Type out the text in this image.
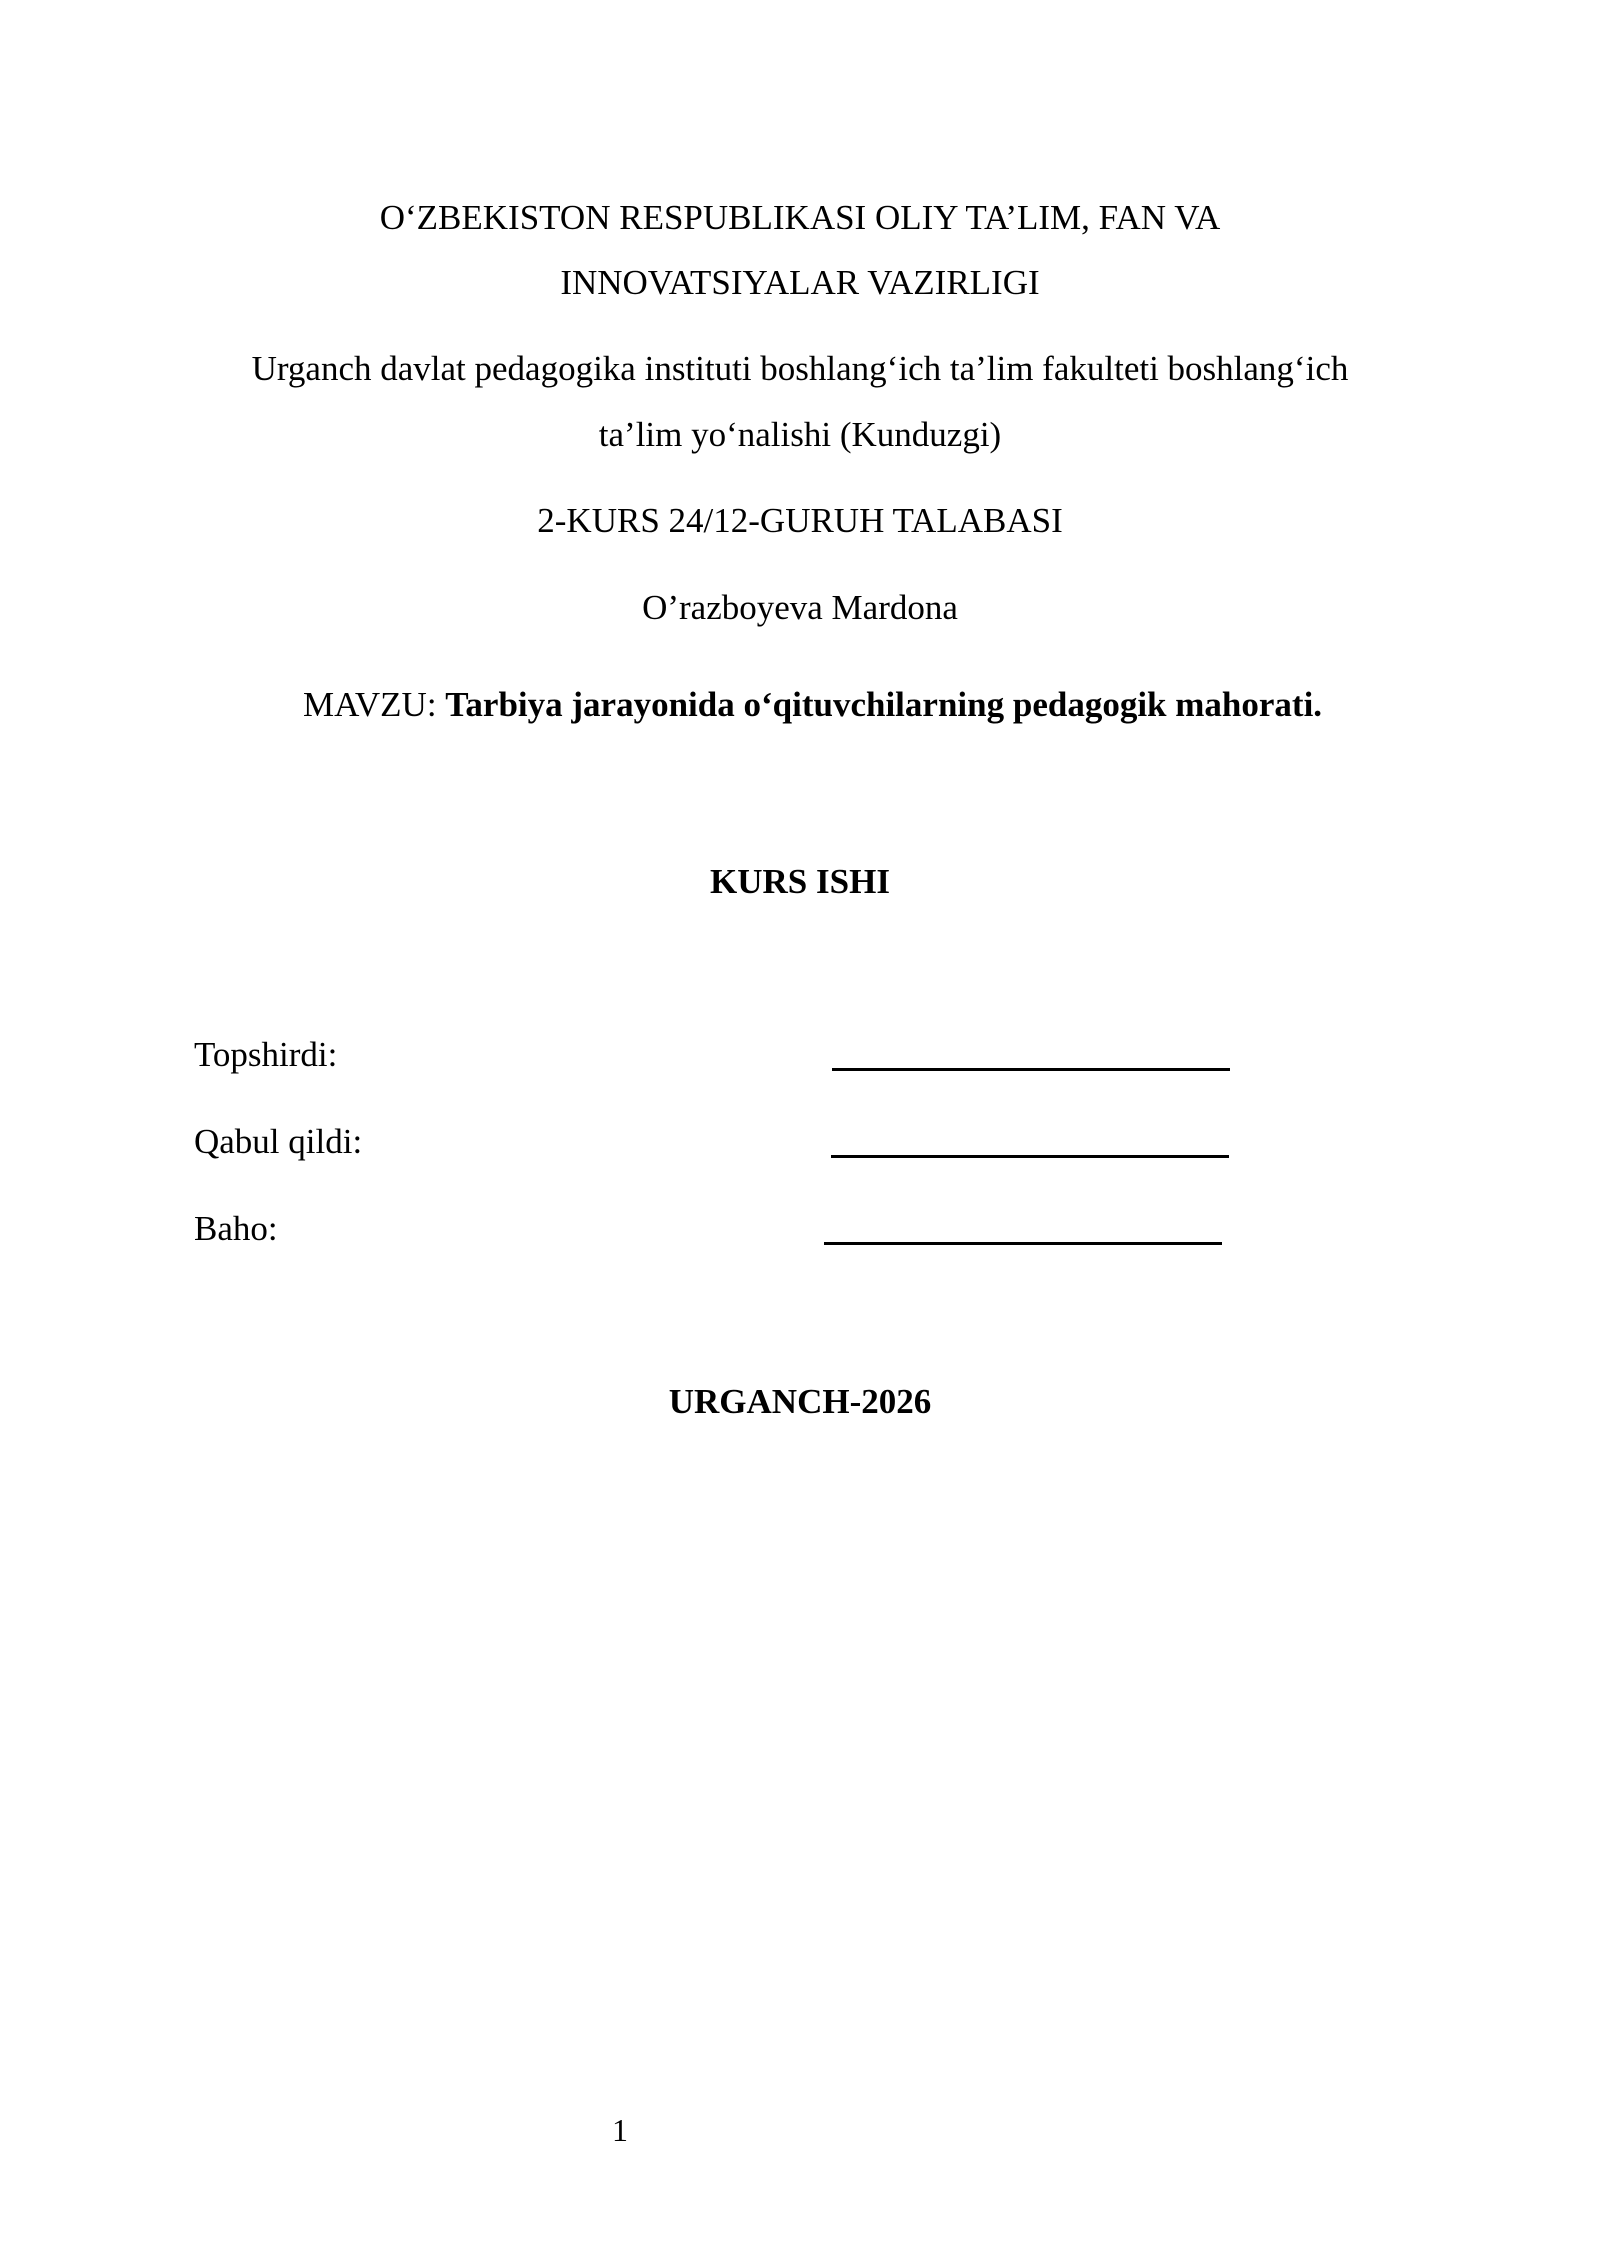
O‘ZBEKISTON RESPUBLIKASI OLIY TA’LIM, FAN VA
INNOVATSIYALAR VAZIRLIGI
Urganch davlat pedagogika instituti boshlang‘ich ta’lim fakulteti boshlang‘ich
ta’lim yo‘nalishi (Kunduzgi)
2-KURS 24/12-GURUH TALABASI
O’razboyeva Mardona
MAVZU: Tarbiya jarayonida o‘qituvchilarning pedagogik mahorati.
KURS ISHI
Topshirdi:
Qabul qildi:
Baho:
URGANCH-2026
1
